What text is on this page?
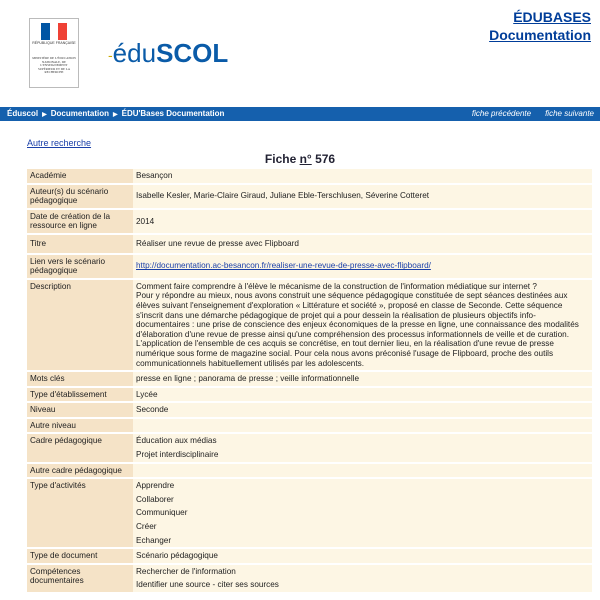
RÉPUBLIQUE FRANÇAISE
MINISTÈRE DE L'ÉDUCATION NATIONALE, DE L'ENSEIGNEMENT SUPÉRIEUR ET DE LA RECHERCHE
-éduSCOL
ÉDUBASES
Documentation
Éduscol ▶ Documentation ▶ ÉDU'Bases Documentation	fiche précédente fiche suivante
Autre recherche
Fiche n° 576
Académie	Besançon
Auteur(s) du scénario pédagogique	Isabelle Kesler, Marie-Claire Giraud, Juliane Eble-Terschlusen, Séverine Cotteret
Date de création de la ressource en ligne	2014
Titre	Réaliser une revue de presse avec Flipboard
Lien vers le scénario pédagogique	http://documentation.ac-besancon.fr/realiser-une-revue-de-presse-avec-flipboard/
Description	Comment faire comprendre à l'élève le mécanisme de la construction de l'information médiatique sur internet ?
Pour y répondre au mieux, nous avons construit une séquence pédagogique constituée de sept séances destinées aux élèves suivant l'enseignement d'exploration « Littérature et société », proposé en classe de Seconde. Cette séquence s'inscrit dans une démarche pédagogique de projet qui a pour dessein la réalisation de plusieurs objectifs info-documentaires : une prise de conscience des enjeux économiques de la presse en ligne, une connaissance des modalités d'élaboration d'une revue de presse ainsi qu'une compréhension des processus informationnels de veille et de curation.
L'application de l'ensemble de ces acquis se concrétise, en tout dernier lieu, en la réalisation d'une revue de presse numérique sous forme de magazine social. Pour cela nous avons préconisé l'usage de Flipboard, proche des outils communicationnels habituellement utilisés par les adolescents.

Mots clés	presse en ligne ; panorama de presse ; veille informationnelle
Type d'établissement	Lycée
Niveau	Seconde
Autre niveau	
Cadre pédagogique	Éducation aux médias
Projet interdisciplinaire

Autre cadre pédagogique	
Type d'activités	Apprendre
Collaborer
Communiquer
Créer
Echanger

Type de document	Scénario pédagogique
Compétences documentaires	Rechercher de l'information
Identifier une source - citer ses sources
